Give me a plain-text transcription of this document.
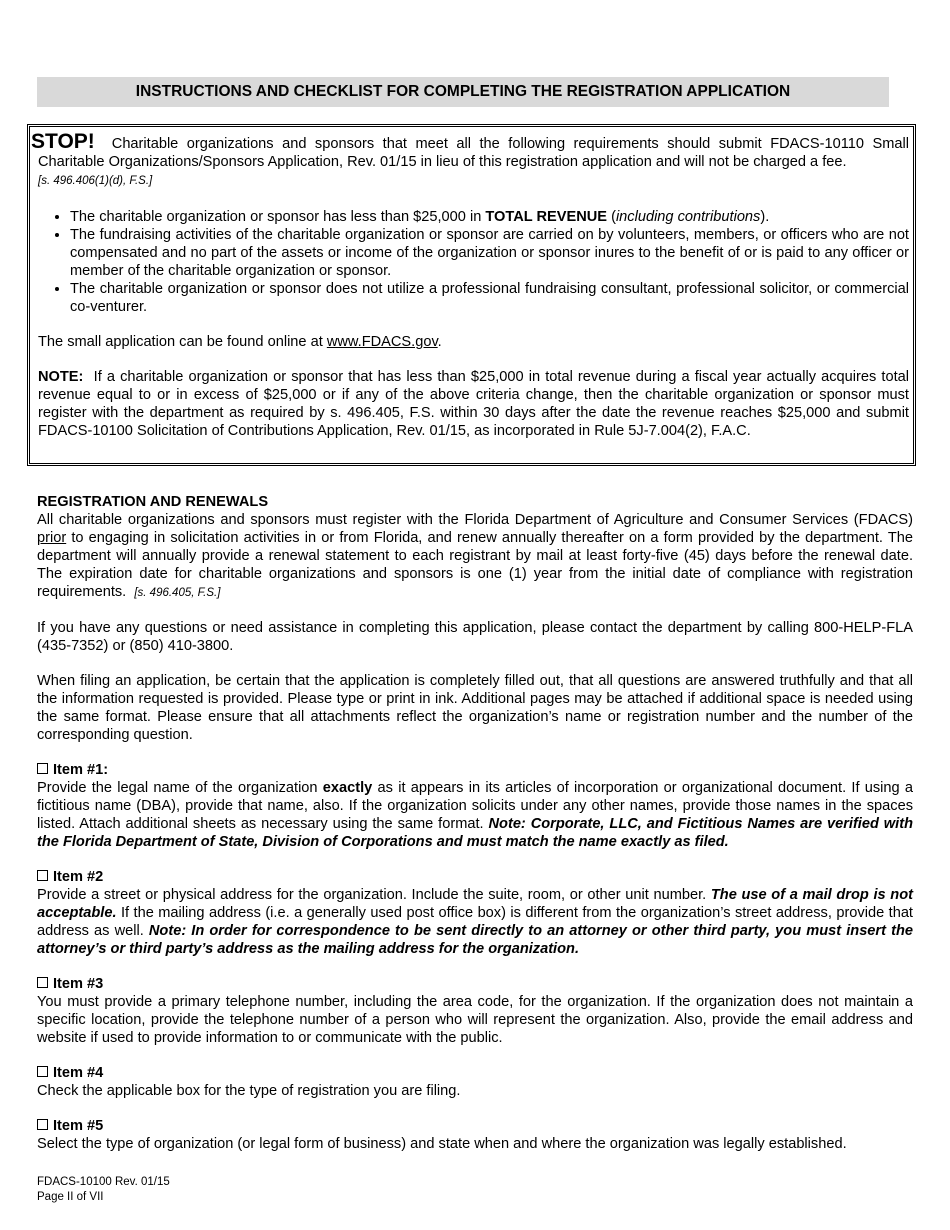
INSTRUCTIONS AND CHECKLIST FOR COMPLETING THE REGISTRATION APPLICATION

STOP! Charitable organizations and sponsors that meet all the following requirements should submit FDACS-10110 Small Charitable Organizations/Sponsors Application, Rev. 01/15 in lieu of this registration application and will not be charged a fee.

[s. 496.406(1)(d), F.S.]

• The charitable organization or sponsor has less than $25,000 in TOTAL REVENUE (including contributions).
• The fundraising activities of the charitable organization or sponsor are carried on by volunteers, members, or officers who are not compensated and no part of the assets or income of the organization or sponsor inures to the benefit of or is paid to any officer or member of the charitable organization or sponsor.
• The charitable organization or sponsor does not utilize a professional fundraising consultant, professional solicitor, or commercial co-venturer.

The small application can be found online at www.FDACS.gov.

NOTE: If a charitable organization or sponsor that has less than $25,000 in total revenue during a fiscal year actually acquires total revenue equal to or in excess of $25,000 or if any of the above criteria change, then the charitable organization or sponsor must register with the department as required by s. 496.405, F.S. within 30 days after the date the revenue reaches $25,000 and submit FDACS-10100 Solicitation of Contributions Application, Rev. 01/15, as incorporated in Rule 5J-7.004(2), F.A.C.

REGISTRATION AND RENEWALS

All charitable organizations and sponsors must register with the Florida Department of Agriculture and Consumer Services (FDACS) prior to engaging in solicitation activities in or from Florida, and renew annually thereafter on a form provided by the department. The department will annually provide a renewal statement to each registrant by mail at least forty-five (45) days before the renewal date. The expiration date for charitable organizations and sponsors is one (1) year from the initial date of compliance with registration requirements. [s. 496.405, F.S.]

If you have any questions or need assistance in completing this application, please contact the department by calling 800-HELP-FLA (435-7352) or (850) 410-3800.

When filing an application, be certain that the application is completely filled out, that all questions are answered truthfully and that all the information requested is provided. Please type or print in ink. Additional pages may be attached if additional space is needed using the same format. Please ensure that all attachments reflect the organization’s name or registration number and the number of the corresponding question.

Item #1:

Provide the legal name of the organization exactly as it appears in its articles of incorporation or organizational document. If using a fictitious name (DBA), provide that name, also. If the organization solicits under any other names, provide those names in the spaces listed. Attach additional sheets as necessary using the same format. Note: Corporate, LLC, and Fictitious Names are verified with the Florida Department of State, Division of Corporations and must match the name exactly as filed.

Item #2

Provide a street or physical address for the organization. Include the suite, room, or other unit number. The use of a mail drop is not acceptable. If the mailing address (i.e. a generally used post office box) is different from the organization’s street address, provide that address as well. Note: In order for correspondence to be sent directly to an attorney or other third party, you must insert the attorney’s or third party’s address as the mailing address for the organization.

Item #3

You must provide a primary telephone number, including the area code, for the organization. If the organization does not maintain a specific location, provide the telephone number of a person who will represent the organization. Also, provide the email address and website if used to provide information to or communicate with the public.

Item #4

Check the applicable box for the type of registration you are filing.

Item #5

Select the type of organization (or legal form of business) and state when and where the organization was legally established.

FDACS-10100 Rev. 01/15
Page II of VII
